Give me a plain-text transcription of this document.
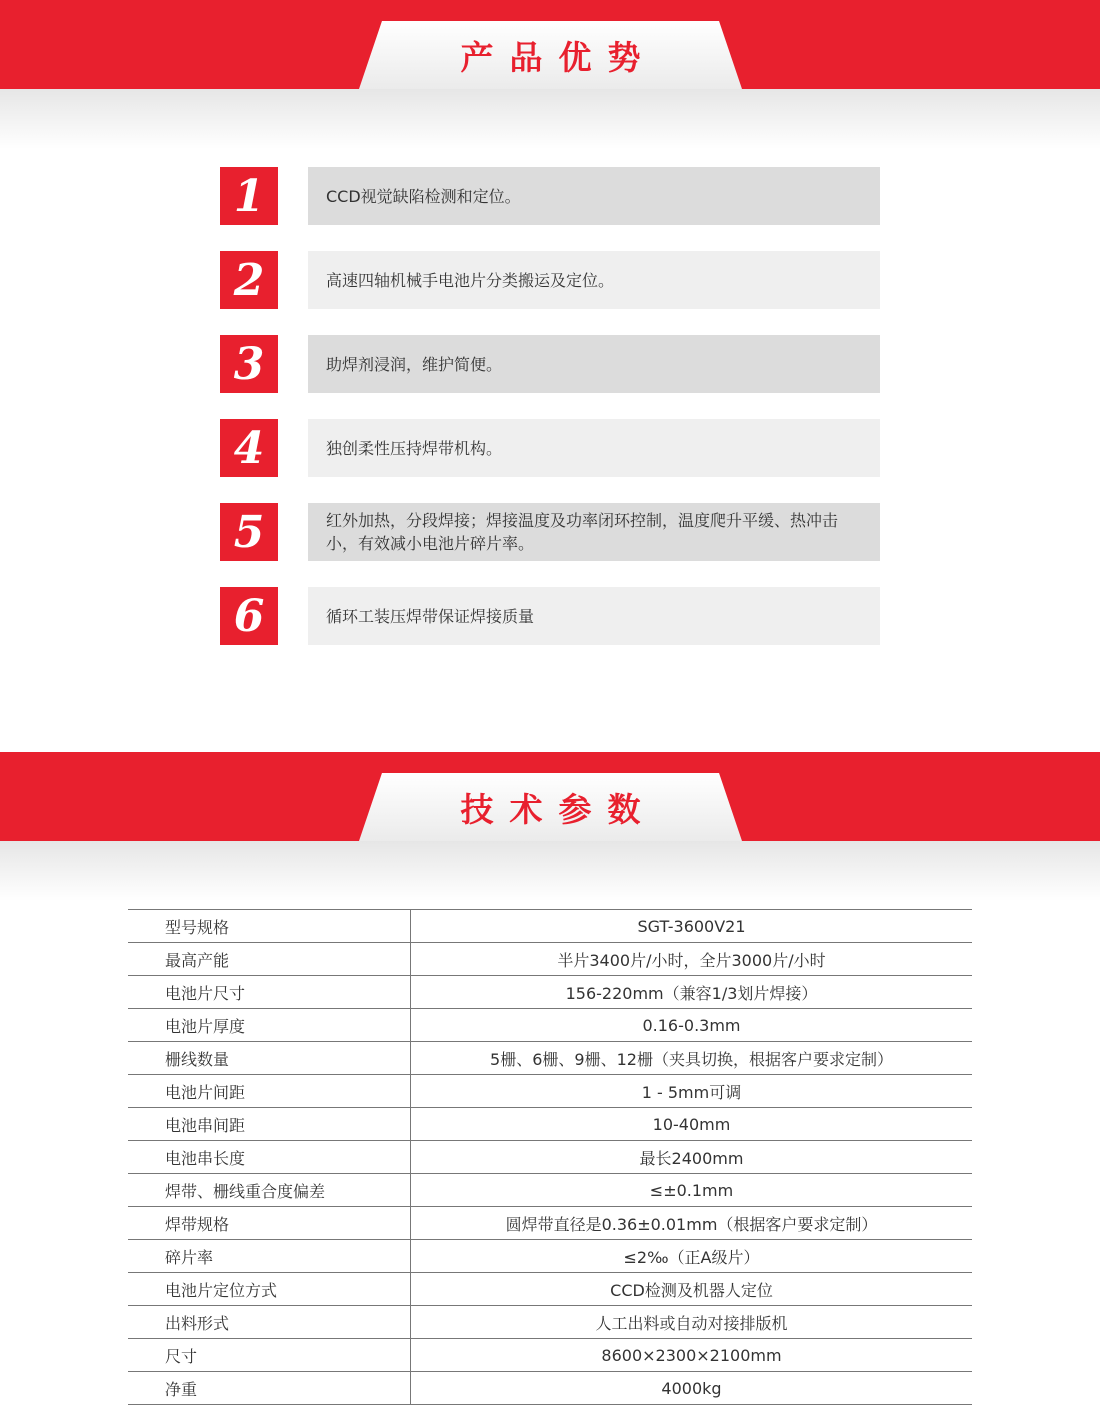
产品优势
1	CCD视觉缺陷检测和定位。
2	高速四轴机械手电池片分类搬运及定位。
3	助焊剂浸润，维护简便。
4	独创柔性压持焊带机构。
5	红外加热，分段焊接；焊接温度及功率闭环控制，温度爬升平缓、热冲击小，有效减小电池片碎片率。
6	循环工装压焊带保证焊接质量
技术参数
型号规格	SGT-3600V21
最高产能	半片3400片/小时，全片3000片/小时
电池片尺寸	156-220mm（兼容1/3划片焊接）
电池片厚度	0.16-0.3mm
栅线数量	5栅、6栅、9栅、12栅（夹具切换，根据客户要求定制）
电池片间距	1 - 5mm可调
电池串间距	10-40mm
电池串长度	最长2400mm
焊带、栅线重合度偏差	≤±0.1mm
焊带规格	圆焊带直径是0.36±0.01mm（根据客户要求定制）
碎片率	≤2‰（正A级片）
电池片定位方式	CCD检测及机器人定位
出料形式	人工出料或自动对接排版机
尺寸	8600×2300×2100mm
净重	4000kg
